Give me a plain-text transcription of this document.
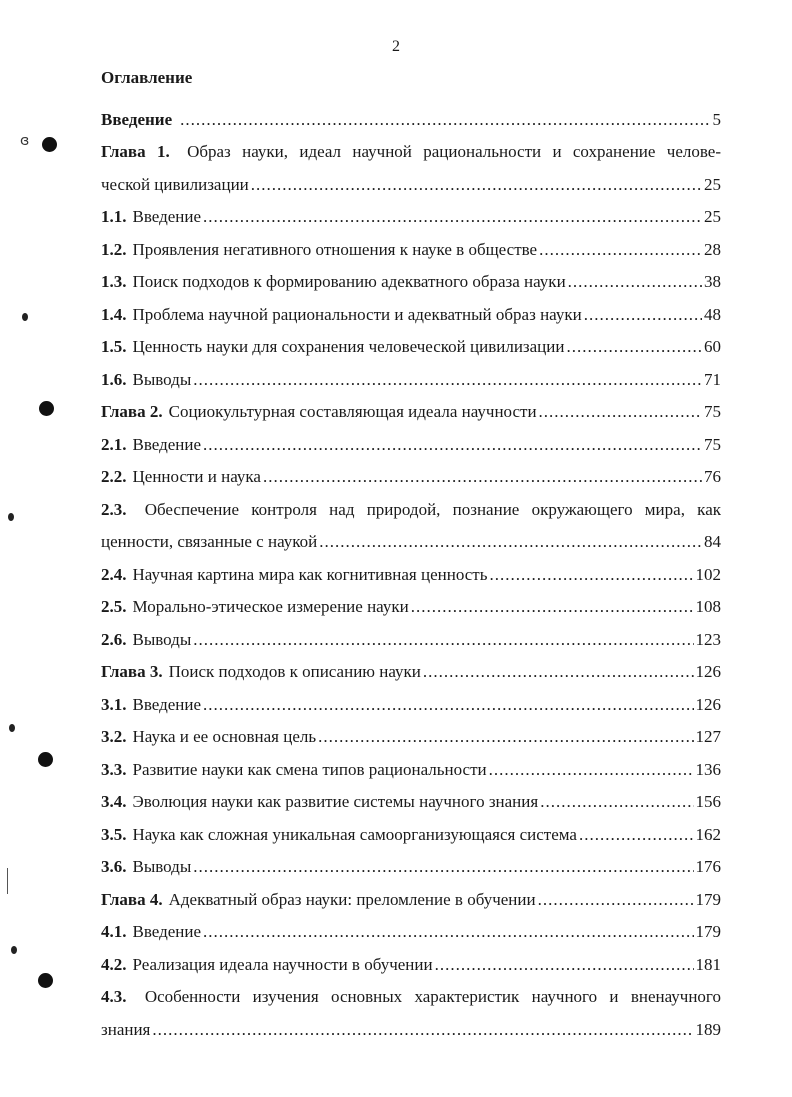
ɞ
2
Оглавление
Введение .....	5
Глава 1. Образ науки, идеал научной рациональности и сохранение челове-
ческой цивилизации .....	25
1.1. Введение .....	25
1.2. Проявления негативного отношения к науке в обществе .....	28
1.3. Поиск подходов к формированию адекватного образа науки .....	38
1.4. Проблема научной рациональности и адекватный образ науки .....	48
1.5. Ценность науки для сохранения человеческой цивилизации .....	60
1.6. Выводы .....	71
Глава 2. Социокультурная составляющая идеала научности .....	75
2.1. Введение .....	75
2.2. Ценности и наука .....	76
2.3. Обеспечение контроля над природой, познание окружающего мира, как
ценности, связанные с наукой .....	84
2.4. Научная картина мира как когнитивная ценность .....	102
2.5. Морально-этическое измерение науки .....	108
2.6. Выводы .....	123
Глава 3. Поиск подходов к описанию науки .....	126
3.1. Введение .....	126
3.2. Наука и ее основная цель .....	127
3.3. Развитие науки как смена типов рациональности .....	136
3.4. Эволюция науки как развитие системы научного знания .....	156
3.5. Наука как сложная уникальная самоорганизующаяся система .....	162
3.6. Выводы .....	176
Глава 4. Адекватный образ науки: преломление в обучении .....	179
4.1. Введение .....	179
4.2. Реализация идеала научности в обучении .....	181
4.3. Особенности изучения основных характеристик научного и вненаучного
знания .....	189
